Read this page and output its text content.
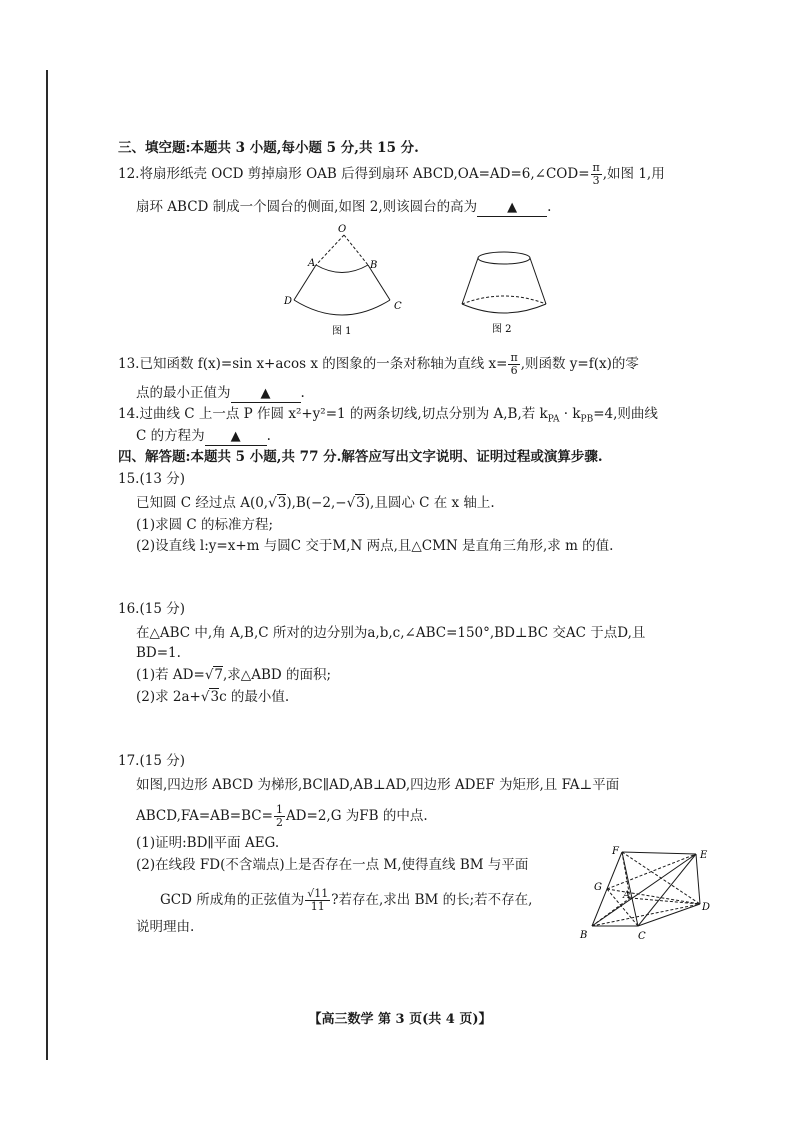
三、填空题:本题共 3 小题,每小题 5 分,共 15 分.
12.将扇形纸壳 OCD 剪掉扇形 OAB 后得到扇环 ABCD,OA=AD=6,∠COD= $\frac{\pi}{3}$ ,如图 1,用
扇环 ABCD 制成一个圆台的侧面,如图 2,则该圆台的高为 ▲ .
O
A	B
D	C
图 1	图 2
13.已知函数 f(x)=sin x+acos x 的图象的一条对称轴为直线 $x= \frac{\pi}{6}$ ,则函数 y=f(x)的零
点的最小正值为 ▲ .
14.过曲线 C 上一点 P 作圆 x²+y²=1 的两条切线,切点分别为 A,B,若 $k_{PA} \cdot k_{PB}=4$,则曲线
C 的方程为 ▲ .
四、解答题:本题共 5 小题,共 77 分.解答应写出文字说明、证明过程或演算步骤.
15.(13 分)
已知圆 C 经过点 A(0,√3),B(−2,−√3),且圆心 C 在 x 轴上.
(1)求圆 C 的标准方程;
(2)设直线 l:y=x+m 与圆C 交于M,N 两点,且△CMN 是直角三角形,求 m 的值.
16.(15 分)
在△ABC 中,角 A,B,C 所对的边分别为a,b,c,∠ABC=150°,BD⊥BC 交AC 于点D,且
BD=1.
(1)若 AD=√7,求△ABD 的面积;
(2)求 2a+√3c 的最小值.
17.(15 分)
如图,四边形 ABCD 为梯形,BC∥AD,AB⊥AD,四边形 ADEF 为矩形,且 FA⊥平面
ABCD,FA=AB=BC= $\frac{1}{2} AD=2,G$ 为FB 的中点.
(1)证明:BD∥平面 AEG.
(2)在线段 FD(不含端点)上是否存在一点 M,使得直线 BM 与平面
GCD 所成角的正弦值为 $\frac{√11}{11}$ ?若存在,求出 BM 的长;若不存在,
说明理由.
F	E
G
A
D
B	C
【高三数学 第 3 页(共 4 页)】
